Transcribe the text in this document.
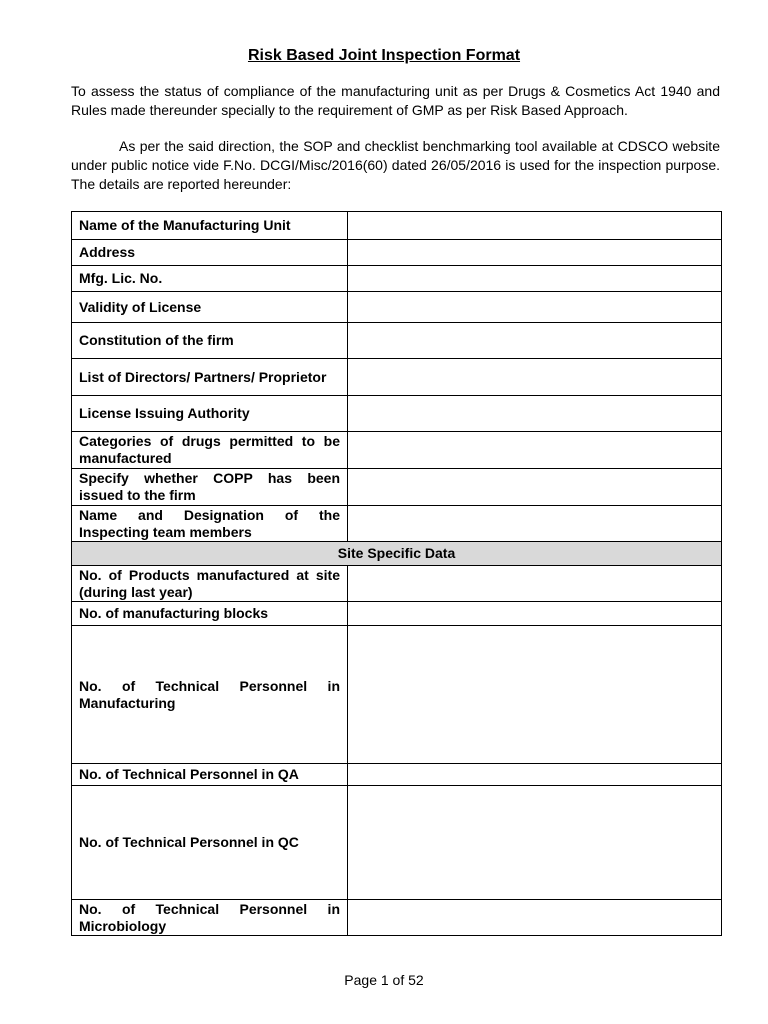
Risk Based Joint Inspection Format

To assess the status of compliance of the manufacturing unit as per Drugs & Cosmetics Act 1940 and Rules made thereunder specially to the requirement of GMP as per Risk Based Approach.

As per the said direction, the SOP and checklist benchmarking tool available at CDSCO website under public notice vide F.No. DCGI/Misc/2016(60) dated 26/05/2016 is used for the inspection purpose. The details are reported hereunder:

Name of the Manufacturing Unit	
Address	
Mfg. Lic. No.	
Validity of License	
Constitution of the firm	
List of Directors/ Partners/ Proprietor	
License Issuing Authority	
Categories of drugs permitted to be manufactured	
Specify whether COPP has been issued to the firm	
Name and Designation of the Inspecting team members	
Site Specific Data	
No. of Products manufactured at site (during last year)	
No. of manufacturing blocks	
No. of Technical Personnel in Manufacturing	
No. of Technical Personnel in QA	
No. of Technical Personnel in QC	
No. of Technical Personnel in Microbiology	
Page 1 of 52
